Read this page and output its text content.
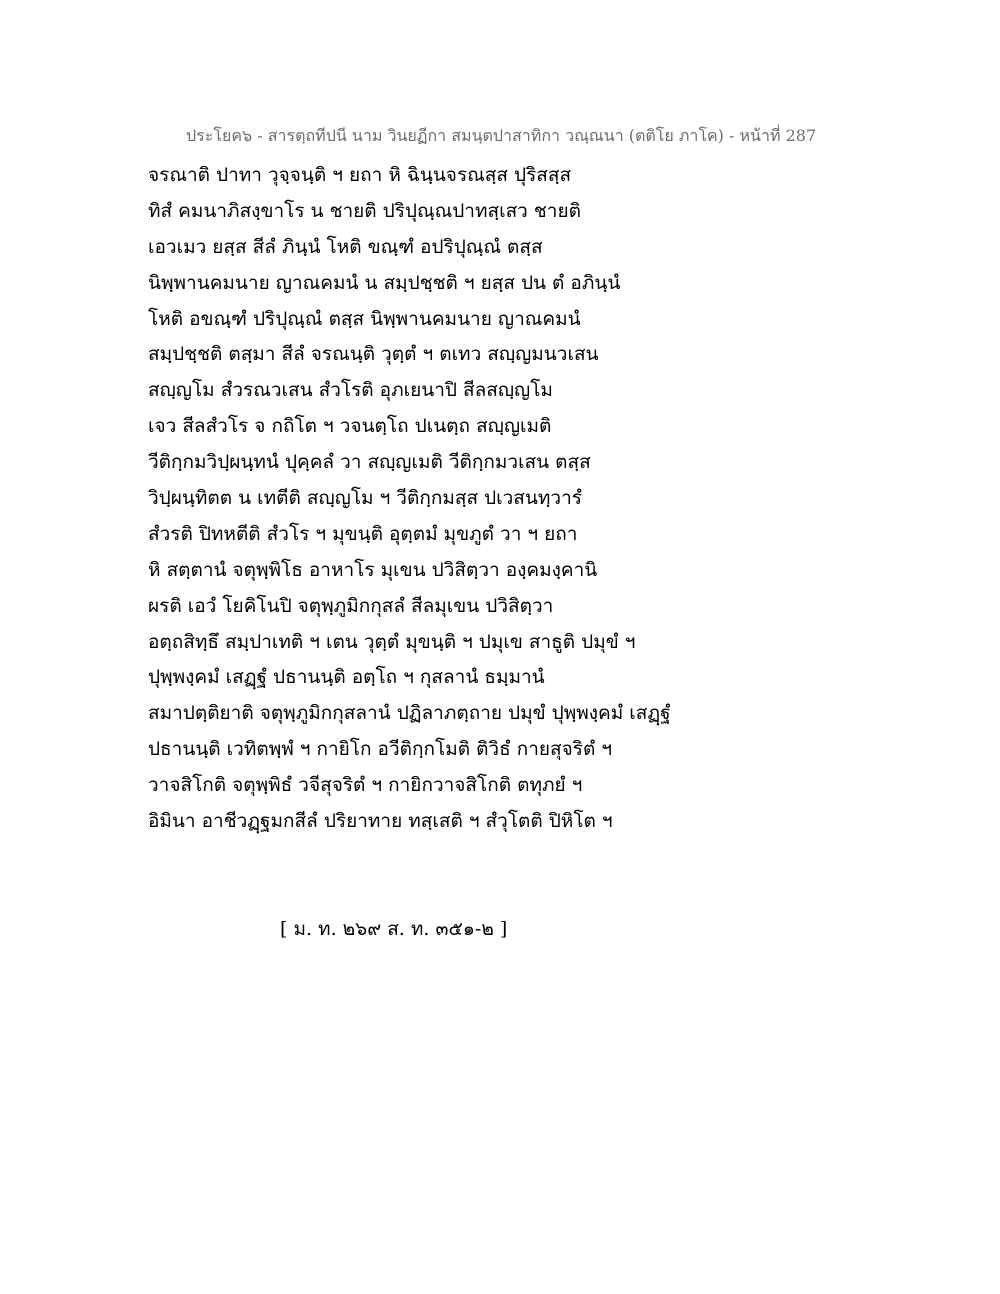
ประโยค๖ - สารตฺถทีปนี นาม วินยฏีกา สมนฺตปาสาทิกา วณฺณนา (ตติโย ภาโค) - หน้าที่ 287
จรณาติ ปาทา วุจฺจนฺติ ฯ ยถา หิ ฉินฺนจรณสฺส ปุริสสฺส
ทิสํ คมนาภิสงฺขาโร น ชายติ ปริปุณฺณปาทสฺเสว ชายติ
เอวเมว ยสฺส สีลํ ภินฺนํ โหติ ขณฺฑํ อปริปุณฺณํ ตสฺส
นิพฺพานคมนาย ญาณคมนํ น สมฺปชฺชติ ฯ ยสฺส ปน ตํ อภินฺนํ
โหติ อขณฺฑํ ปริปุณฺณํ ตสฺส นิพฺพานคมนาย ญาณคมนํ
สมฺปชฺชติ ตสฺมา สีลํ จรณนฺติ วุตฺตํ ฯ ตเทว สญฺญมนวเสน
สญฺญโม สํวรณวเสน สํวโรติ อุภเยนาปิ สีลสญฺญโม
เจว สีลสํวโร จ กถิโต ฯ วจนตฺโถ ปเนตฺถ สญฺญเมติ
วีติกฺกมวิปฺผนฺทนํ ปุคฺคลํ วา สญฺญเมติ วีติกฺกมวเสน ตสฺส
วิปฺผนฺทิตต น เทตีติ สญฺญโม ฯ วีติกฺกมสฺส ปเวสนทฺวารํ
สํวรติ ปิทหตีติ สํวโร ฯ มุขนฺติ อุตฺตมํ มุขภูตํ วา ฯ ยถา
หิ สตฺตานํ จตุพฺพิโธ อาหาโร มุเขน ปวิสิตฺวา องฺคมงฺคานิ
ผรติ เอวํ โยคิโนปิ จตุพฺภูมิกกุสลํ สีลมุเขน ปวิสิตฺวา
อตฺถสิทฺธึ สมฺปาเทติ ฯ เตน วุตฺตํ มุขนฺติ ฯ ปมุเข สาธูติ ปมุขํ ฯ
ปุพฺพงฺคมํ เสฏฺฐํ ปธานนฺติ อตฺโถ ฯ กุสลานํ ธมฺมานํ
สมาปตฺติยาติ จตุพฺภูมิกกุสลานํ ปฏิลาภตฺถาย ปมุขํ ปุพฺพงฺคมํ เสฏฺฐํ
ปธานนฺติ เวทิตพฺพํ ฯ กายิโก อวีติกฺกโมติ ติวิธํ กายสุจริตํ ฯ
วาจสิโกติ จตุพฺพิธํ วจีสุจริตํ ฯ กายิกวาจสิโกติ ตทุภยํ ฯ
อิมินา อาชีวฏฺฐมกสีลํ ปริยาทาย ทสฺเสติ ฯ สํวุโตติ ปิหิโต ฯ
[ ม. ท. ๒๖๙ ส. ท. ๓๕๑-๒ ]
